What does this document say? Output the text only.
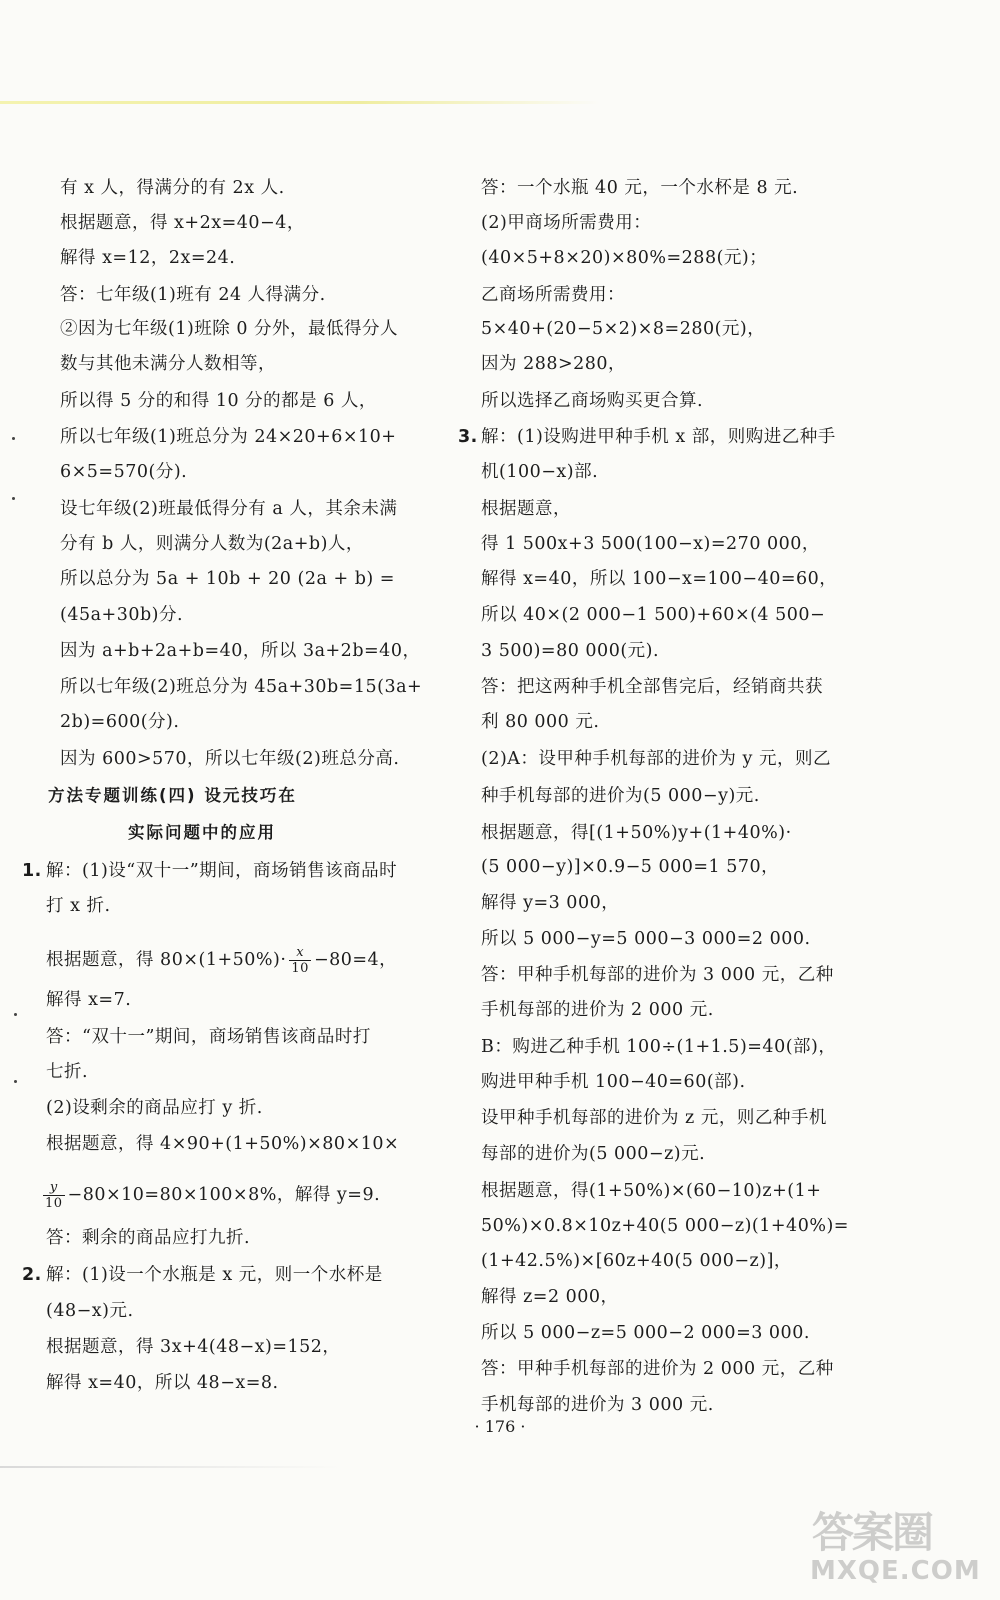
有 x 人，得满分的有 2x 人.
根据题意，得 x+2x=40−4，
解得 x=12，2x=24.
答：七年级(1)班有 24 人得满分.
②因为七年级(1)班除 0 分外，最低得分人
数与其他未满分人数相等，
所以得 5 分的和得 10 分的都是 6 人，
所以七年级(1)班总分为 24×20+6×10+
6×5=570(分).
设七年级(2)班最低得分有 a 人，其余未满
分有 b 人，则满分人数为(2a+b)人，
所以总分为 5a + 10b + 20 (2a + b) =
(45a+30b)分.
因为 a+b+2a+b=40，所以 3a+2b=40，
所以七年级(2)班总分为 45a+30b=15(3a+
2b)=600(分).
因为 600>570，所以七年级(2)班总分高.
方法专题训练(四) 设元技巧在
实际问题中的应用
1. 解：(1)设“双十一”期间，商场销售该商品时
打 x 折.
根据题意，得 $80\times(1+50\%)\cdot \frac{x}{10} -80=4$，
解得 x=7.
答：“双十一”期间，商场销售该商品时打
七折.
(2)设剩余的商品应打 y 折.
根据题意，得 4×90+(1+50%)×80×10×
$\frac{y}{10} -80\times 10=80\times 100\times 8\%$，解得 y=9.
答：剩余的商品应打九折.
2. 解：(1)设一个水瓶是 x 元，则一个水杯是
(48−x)元.
根据题意，得 3x+4(48−x)=152，
解得 x=40，所以 48−x=8.
答：一个水瓶 40 元，一个水杯是 8 元.
(2)甲商场所需费用：
(40×5+8×20)×80%=288(元)；
乙商场所需费用：
5×40+(20−5×2)×8=280(元)，
因为 288>280，
所以选择乙商场购买更合算.
3. 解：(1)设购进甲种手机 x 部，则购进乙种手
机(100−x)部.
根据题意，
得 1 500x+3 500(100−x)=270 000，
解得 x=40，所以 100−x=100−40=60，
所以 40×(2 000−1 500)+60×(4 500−
3 500)=80 000(元).
答：把这两种手机全部售完后，经销商共获
利 80 000 元.
(2)A：设甲种手机每部的进价为 y 元，则乙
种手机每部的进价为(5 000−y)元.
根据题意，得[(1+50%)y+(1+40%)·
(5 000−y)]×0.9−5 000=1 570，
解得 y=3 000，
所以 5 000−y=5 000−3 000=2 000.
答：甲种手机每部的进价为 3 000 元，乙种
手机每部的进价为 2 000 元.
B：购进乙种手机 100÷(1+1.5)=40(部)，
购进甲种手机 100−40=60(部).
设甲种手机每部的进价为 z 元，则乙种手机
每部的进价为(5 000−z)元.
根据题意，得(1+50%)×(60−10)z+(1+
50%)×0.8×10z+40(5 000−z)(1+40%)=
(1+42.5%)×[60z+40(5 000−z)]，
解得 z=2 000，
所以 5 000−z=5 000−2 000=3 000.
答：甲种手机每部的进价为 2 000 元，乙种
手机每部的进价为 3 000 元.
· 176 ·
答案圈
MXQE.COM
